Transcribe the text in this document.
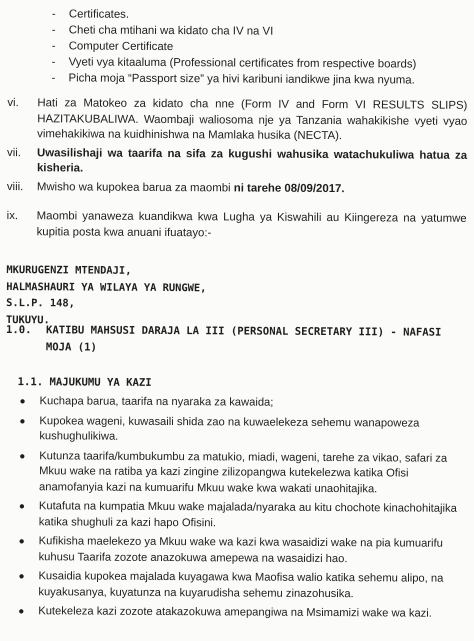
-	Certificates.
-	Cheti cha mtihani wa kidato cha IV na VI
-	Computer Certificate
-	Vyeti vya kitaaluma (Professional certificates from respective boards)
-	Picha moja “Passport size” ya hivi karibuni iandikwe jina kwa nyuma.
vi.	Hati za Matokeo za kidato cha nne (Form IV and Form VI RESULTS SLIPS) HAZITAKUBALIWA. Waombaji waliosoma nje ya Tanzania wahakikishe vyeti vyao vimehakikiwa na kuidhinishwa na Mamlaka husika (NECTA).
vii.	Uwasilishaji wa taarifa na sifa za kugushi wahusika watachukuliwa hatua za kisheria.
viii.	Mwisho wa kupokea barua za maombi ni tarehe 08/09/2017.
ix.	Maombi yanaweza kuandikwa kwa Lugha ya Kiswahili au Kiingereza na yatumwe kupitia posta kwa anuani ifuatayo:-
MKURUGENZI MTENDAJI,
HALMASHAURI YA WILAYA YA RUNGWE,
S.L.P. 148,
TUKUYU.
1.0.	KATIBU MAHSUSI DARAJA LA III (PERSONAL SECRETARY III) - NAFASI MOJA (1)
1.1. MAJUKUMU YA KAZI
●	Kuchapa barua, taarifa na nyaraka za kawaida;
●	Kupokea wageni, kuwasaili shida zao na kuwaelekeza sehemu wanapoweza kushughulikiwa.
●	Kutunza taarifa/kumbukumbu za matukio, miadi, wageni, tarehe za vikao, safari za Mkuu wake na ratiba ya kazi zingine zilizopangwa kutekelezwa katika Ofisi anamofanyia kazi na kumuarifu Mkuu wake kwa wakati unaohitajika.
●	Kutafuta na kumpatia Mkuu wake majalada/nyaraka au kitu chochote kinachohitajika katika shughuli za kazi hapo Ofisini.
●	Kufikisha maelekezo ya Mkuu wake wa kazi kwa wasaidizi wake na pia kumuarifu kuhusu Taarifa zozote anazokuwa amepewa na wasaidizi hao.
●	Kusaidia kupokea majalada kuyagawa kwa Maofisa walio katika sehemu alipo, na kuyakusanya, kuyatunza na kuyarudisha sehemu zinazohusika.
●	Kutekeleza kazi zozote atakazokuwa amepangiwa na Msimamizi wake wa kazi.
